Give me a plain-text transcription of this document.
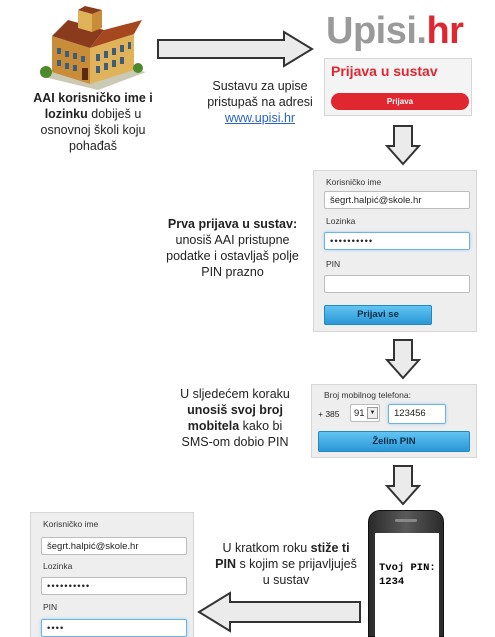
AAI korisničko ime i lozinku dobiješ u osnovnoj školi koju pohađaš
Upisi.hr
Prijava u sustav
Prijava
Sustavu za upise pristupaš na adresi www.upisi.hr
Korisničko ime
šegrt.halpić@skole.hr
Lozinka
••••••••••
PIN
Prijavi se
Prva prijava u sustav: unosiš AAI pristupne podatke i ostavljaš polje PIN prazno
Broj mobilnog telefona:
+ 385	91 ▼	123456
Želim PIN
U sljedećem koraku unosiš svoj broj mobitela kako bi SMS-om dobio PIN
Tvoj PIN:
1234
U kratkom roku stiže ti PIN s kojim se prijavljuješ u sustav
Korisničko ime
šegrt.halpić@skole.hr
Lozinka
••••••••••
PIN
••••
